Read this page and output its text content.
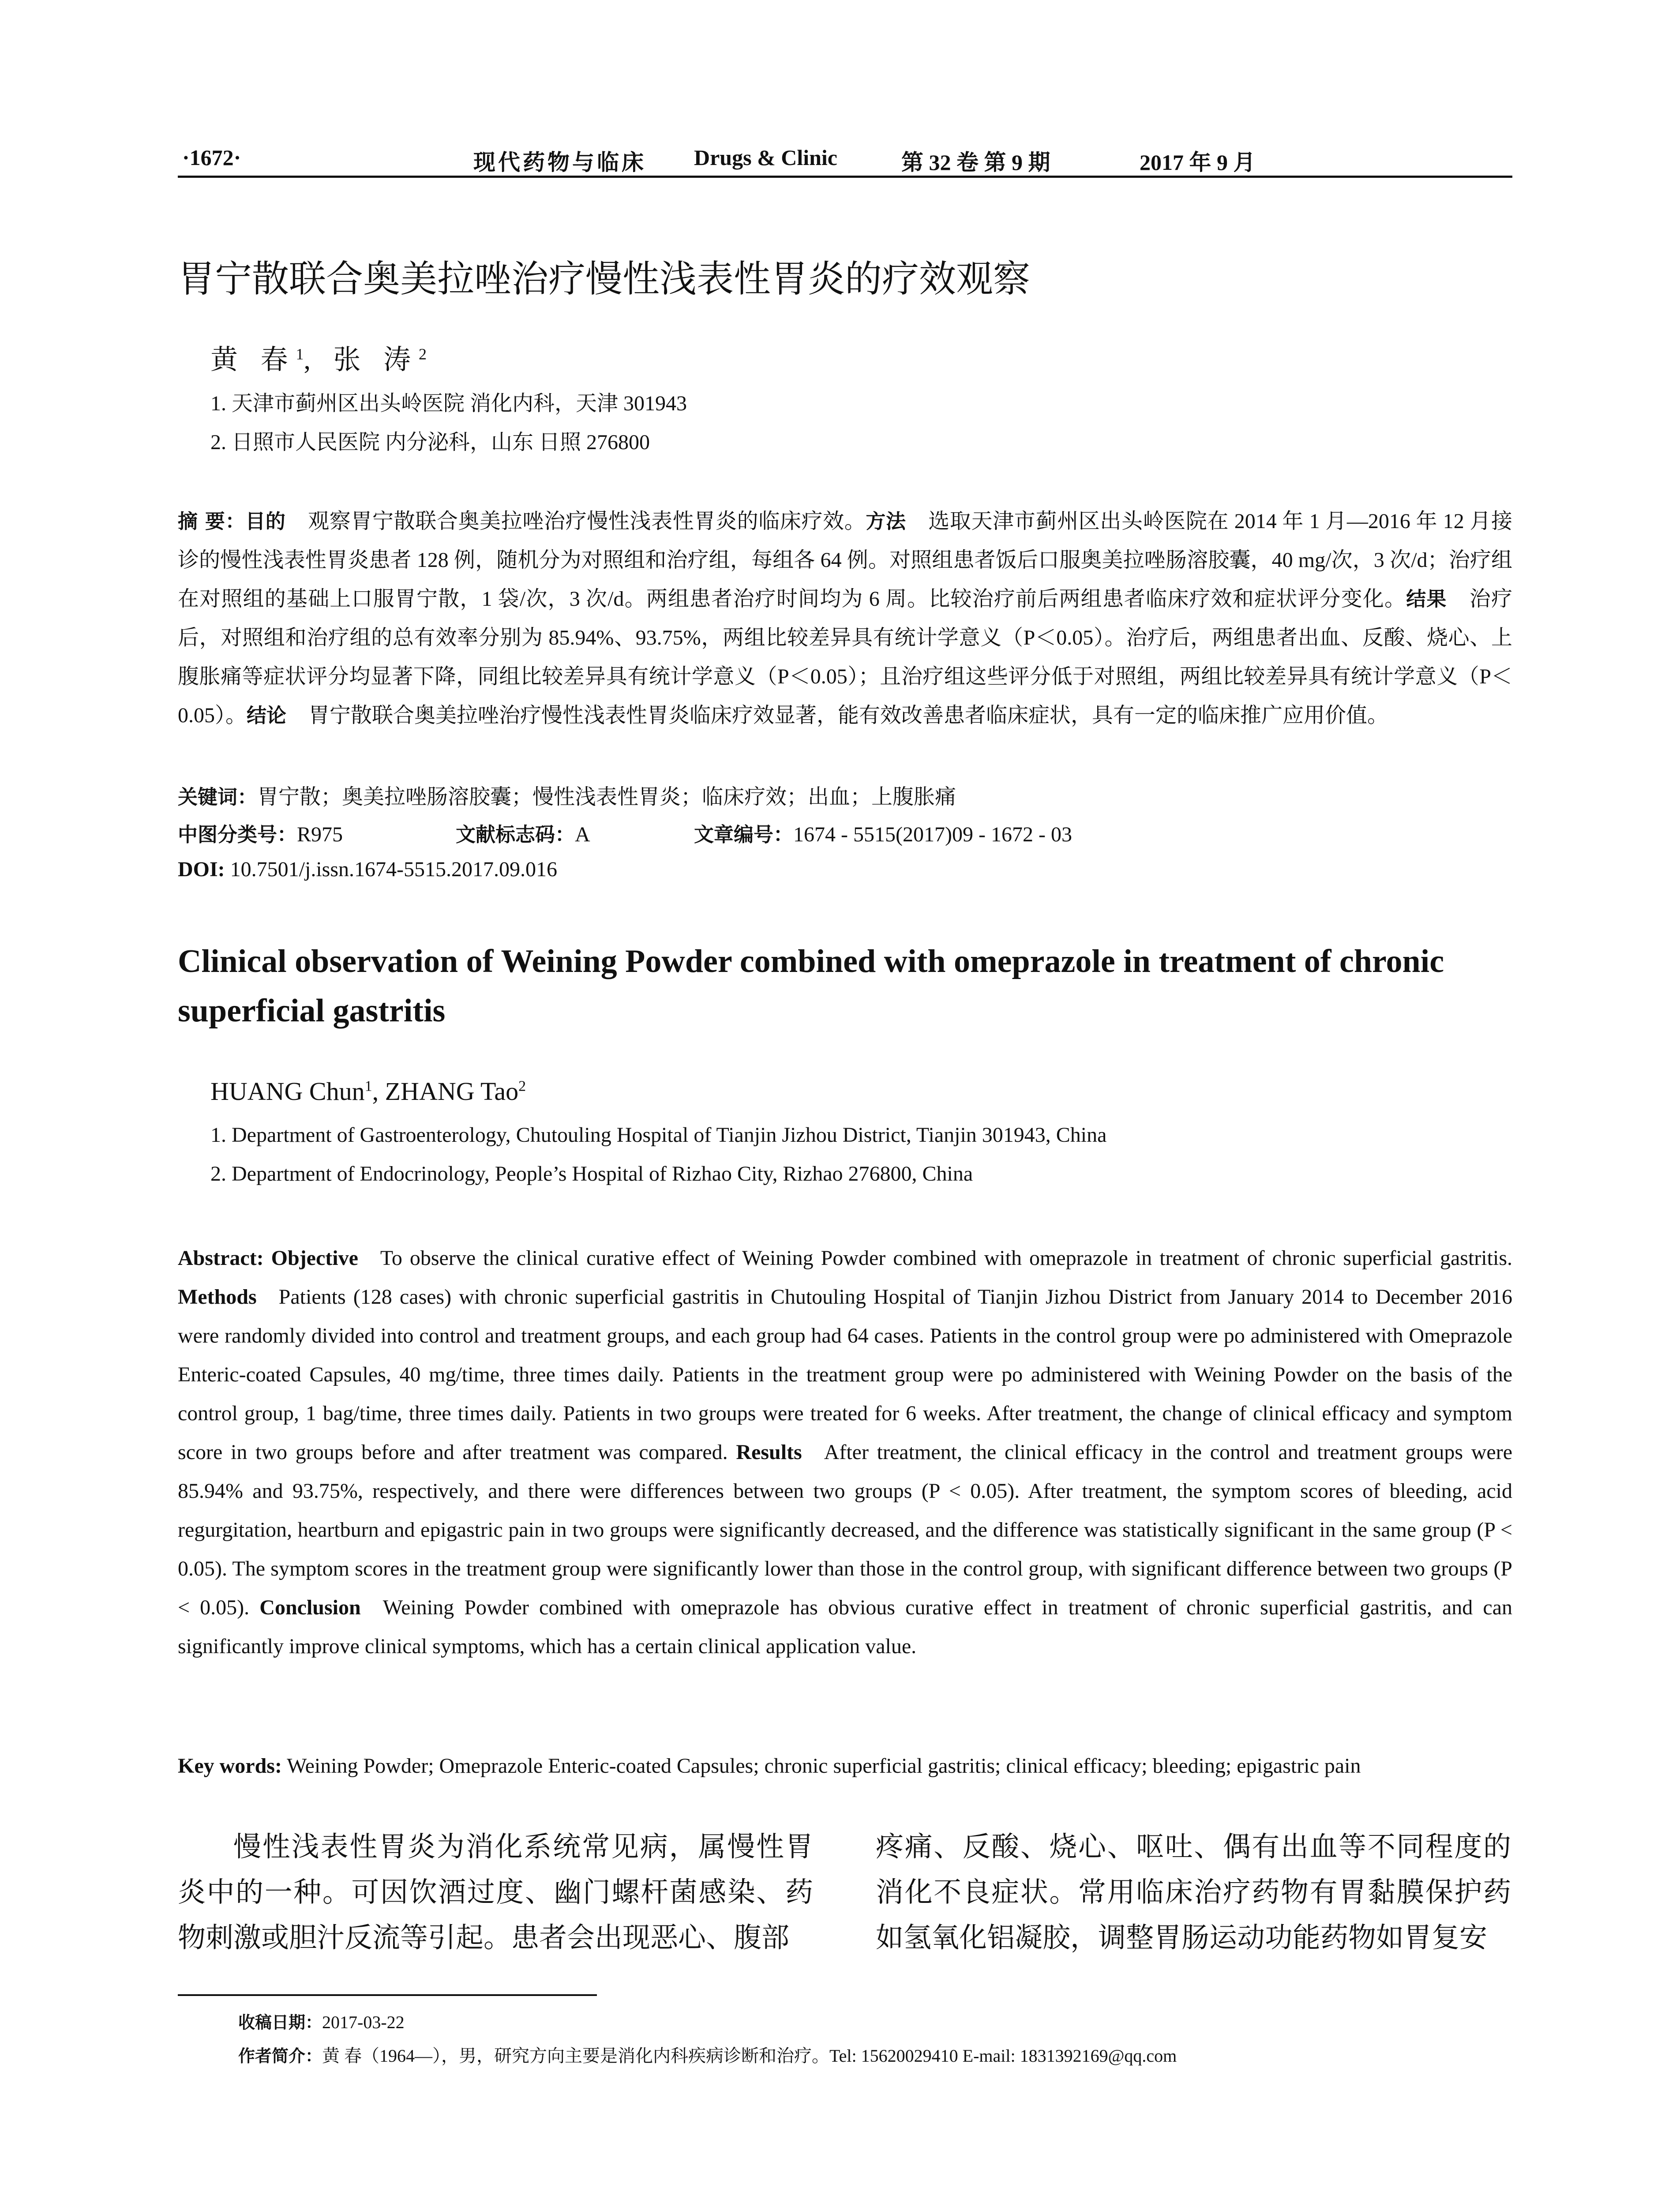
·1672·	现代药物与临床 Drugs & Clinic	第 32 卷 第 9 期	2017 年 9 月
胃宁散联合奥美拉唑治疗慢性浅表性胃炎的疗效观察
黄 春$^1$, 张 涛$^2$
1. 天津市蓟州区出头岭医院 消化内科，天津 301943
2. 日照市人民医院 内分泌科，山东 日照 276800

摘 要：目的 观察胃宁散联合奥美拉唑治疗慢性浅表性胃炎的临床疗效。方法 选取天津市蓟州区出头岭医院在 2014 年 1 月—2016 年 12 月接诊的慢性浅表性胃炎患者 128 例，随机分为对照组和治疗组，每组各 64 例。对照组患者饭后口服奥美拉唑肠溶胶囊，40 mg/次，3 次/d；治疗组在对照组的基础上口服胃宁散，1 袋/次，3 次/d。两组患者治疗时间均为 6 周。比较治疗前后两组患者临床疗效和症状评分变化。结果 治疗后，对照组和治疗组的总有效率分别为 85.94%、93.75%，两组比较差异具有统计学意义（P＜0.05）。治疗后，两组患者出血、反酸、烧心、上腹胀痛等症状评分均显著下降，同组比较差异具有统计学意义（P＜0.05）；且治疗组这些评分低于对照组，两组比较差异具有统计学意义（P＜0.05）。结论 胃宁散联合奥美拉唑治疗慢性浅表性胃炎临床疗效显著，能有效改善患者临床症状，具有一定的临床推广应用价值。

关键词：胃宁散；奥美拉唑肠溶胶囊；慢性浅表性胃炎；临床疗效；出血；上腹胀痛
中图分类号：R975	文献标志码：A	文章编号：1674 - 5515(2017)09 - 1672 - 03
DOI: 10.7501/j.issn.1674-5515.2017.09.016
Clinical observation of Weining Powder combined with omeprazole in treatment of chronic superficial gastritis
HUANG Chun$^1$, ZHANG Tao$^2$
1. Department of Gastroenterology, Chutouling Hospital of Tianjin Jizhou District, Tianjin 301943, China
2. Department of Endocrinology, People’s Hospital of Rizhao City, Rizhao 276800, China

Abstract: Objective To observe the clinical curative effect of Weining Powder combined with omeprazole in treatment of chronic superficial gastritis. Methods Patients (128 cases) with chronic superficial gastritis in Chutouling Hospital of Tianjin Jizhou District from January 2014 to December 2016 were randomly divided into control and treatment groups, and each group had 64 cases. Patients in the control group were po administered with Omeprazole Enteric-coated Capsules, 40 mg/time, three times daily. Patients in the treatment group were po administered with Weining Powder on the basis of the control group, 1 bag/time, three times daily. Patients in two groups were treated for 6 weeks. After treatment, the change of clinical efficacy and symptom score in two groups before and after treatment was compared. Results After treatment, the clinical efficacy in the control and treatment groups were 85.94% and 93.75%, respectively, and there were differences between two groups (P < 0.05). After treatment, the symptom scores of bleeding, acid regurgitation, heartburn and epigastric pain in two groups were significantly decreased, and the difference was statistically significant in the same group (P < 0.05). The symptom scores in the treatment group were significantly lower than those in the control group, with significant difference between two groups (P < 0.05). Conclusion Weining Powder combined with omeprazole has obvious curative effect in treatment of chronic superficial gastritis, and can significantly improve clinical symptoms, which has a certain clinical application value.

Key words: Weining Powder; Omeprazole Enteric-coated Capsules; chronic superficial gastritis; clinical efficacy; bleeding; epigastric pain

慢性浅表性胃炎为消化系统常见病，属慢性胃炎中的一种。可因饮酒过度、幽门螺杆菌感染、药物刺激或胆汁反流等引起。患者会出现恶心、腹部

疼痛、反酸、烧心、呕吐、偶有出血等不同程度的消化不良症状。常用临床治疗药物有胃黏膜保护药如氢氧化铝凝胶，调整胃肠运动功能药物如胃复安

收稿日期：2017-03-22
作者简介：黄 春（1964—），男，研究方向主要是消化内科疾病诊断和治疗。Tel: 15620029410 E-mail: 1831392169@qq.com
